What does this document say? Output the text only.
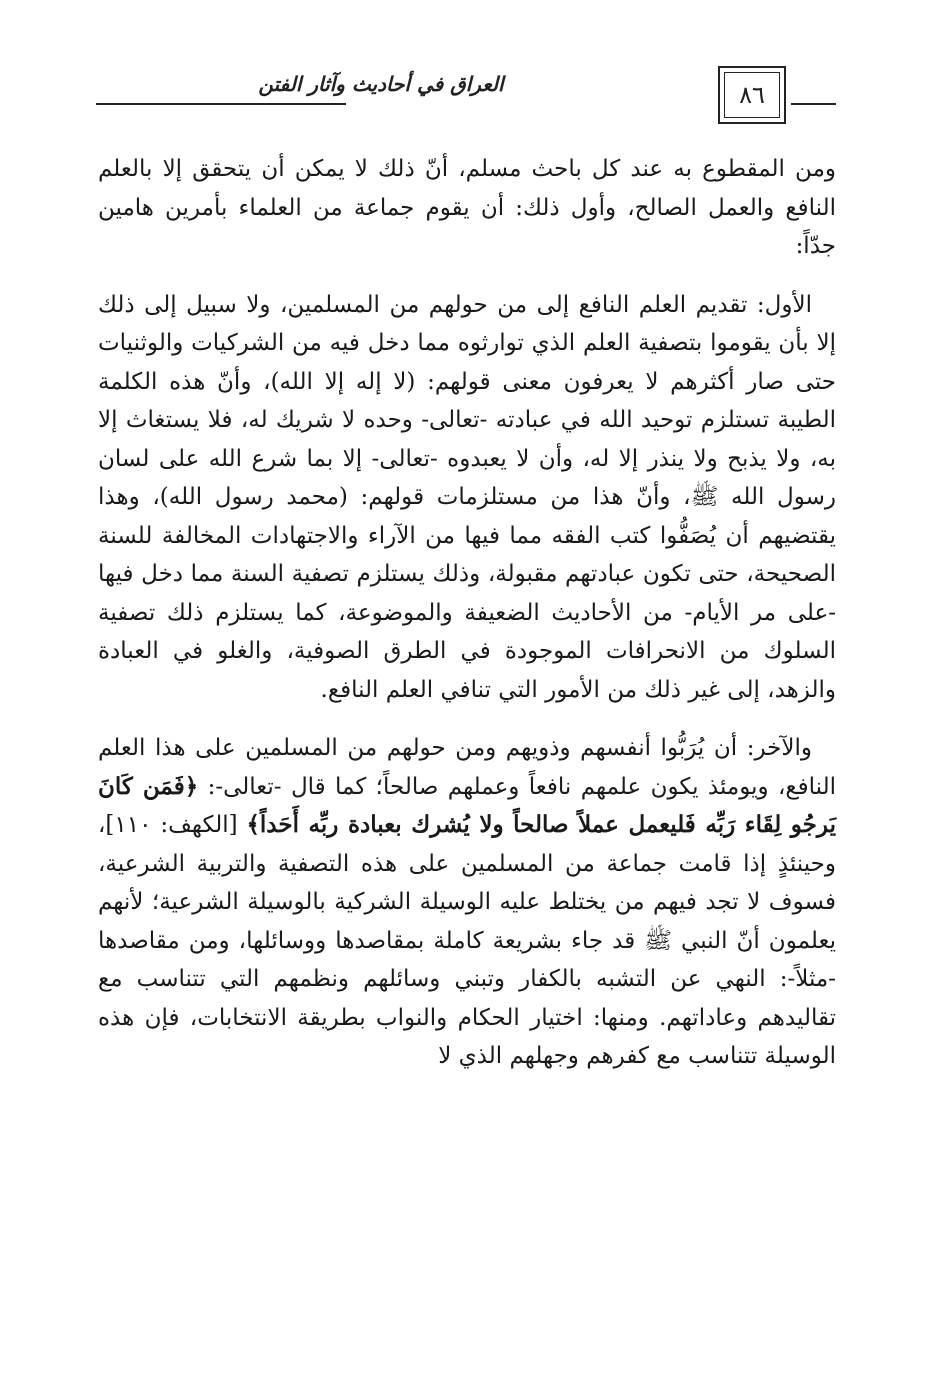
العراق في أحاديث وآثار الفتن	٨٦

ومن المقطوع به عند كل باحث مسلم، أنّ ذلك لا يمكن أن يتحقق إلا بالعلم النافع والعمل الصالح، وأول ذلك: أن يقوم جماعة من العلماء بأمرين هامين جدّاً:

الأول: تقديم العلم النافع إلى من حولهم من المسلمين، ولا سبيل إلى ذلك إلا بأن يقوموا بتصفية العلم الذي توارثوه مما دخل فيه من الشركيات والوثنيات حتى صار أكثرهم لا يعرفون معنى قولهم: (لا إله إلا الله)، وأنّ هذه الكلمة الطيبة تستلزم توحيد الله في عبادته -تعالى- وحده لا شريك له، فلا يستغاث إلا به، ولا يذبح ولا ينذر إلا له، وأن لا يعبدوه -تعالى- إلا بما شرع الله على لسان رسول الله ﷺ، وأنّ هذا من مستلزمات قولهم: (محمد رسول الله)، وهذا يقتضيهم أن يُصَفُّوا كتب الفقه مما فيها من الآراء والاجتهادات المخالفة للسنة الصحيحة، حتى تكون عبادتهم مقبولة، وذلك يستلزم تصفية السنة مما دخل فيها -على مر الأيام- من الأحاديث الضعيفة والموضوعة، كما يستلزم ذلك تصفية السلوك من الانحرافات الموجودة في الطرق الصوفية، والغلو في العبادة والزهد، إلى غير ذلك من الأمور التي تنافي العلم النافع.

والآخر: أن يُرَبُّوا أنفسهم وذويهم ومن حولهم من المسلمين على هذا العلم النافع، ويومئذ يكون علمهم نافعاً وعملهم صالحاً؛ كما قال -تعالى-: ﴿فَمَن كَانَ يَرجُو لِقَاء رَبِّه فَليعمل عملاً صالحاً ولا يُشرك بعبادة ربِّه أَحَداً﴾ [الكهف: ١١٠]، وحينئذٍ إذا قامت جماعة من المسلمين على هذه التصفية والتربية الشرعية، فسوف لا تجد فيهم من يختلط عليه الوسيلة الشركية بالوسيلة الشرعية؛ لأنهم يعلمون أنّ النبي ﷺ قد جاء بشريعة كاملة بمقاصدها ووسائلها، ومن مقاصدها -مثلاً-: النهي عن التشبه بالكفار وتبني وسائلهم ونظمهم التي تتناسب مع تقاليدهم وعاداتهم. ومنها: اختيار الحكام والنواب بطريقة الانتخابات، فإن هذه الوسيلة تتناسب مع كفرهم وجهلهم الذي لا
